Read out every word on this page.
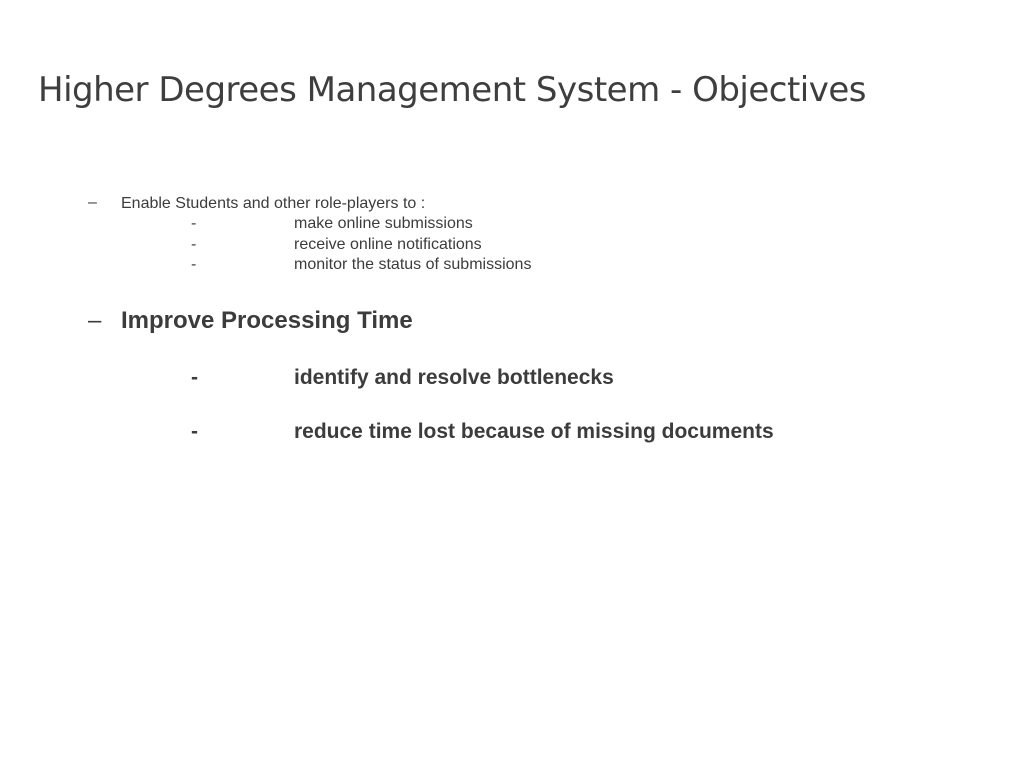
Higher Degrees Management System - Objectives
– Enable Students and other role-players to :
-	make online submissions
-	receive online notifications
-	monitor the status of submissions
– Improve Processing Time
-	identify and resolve bottlenecks
-	reduce time lost because of missing documents
